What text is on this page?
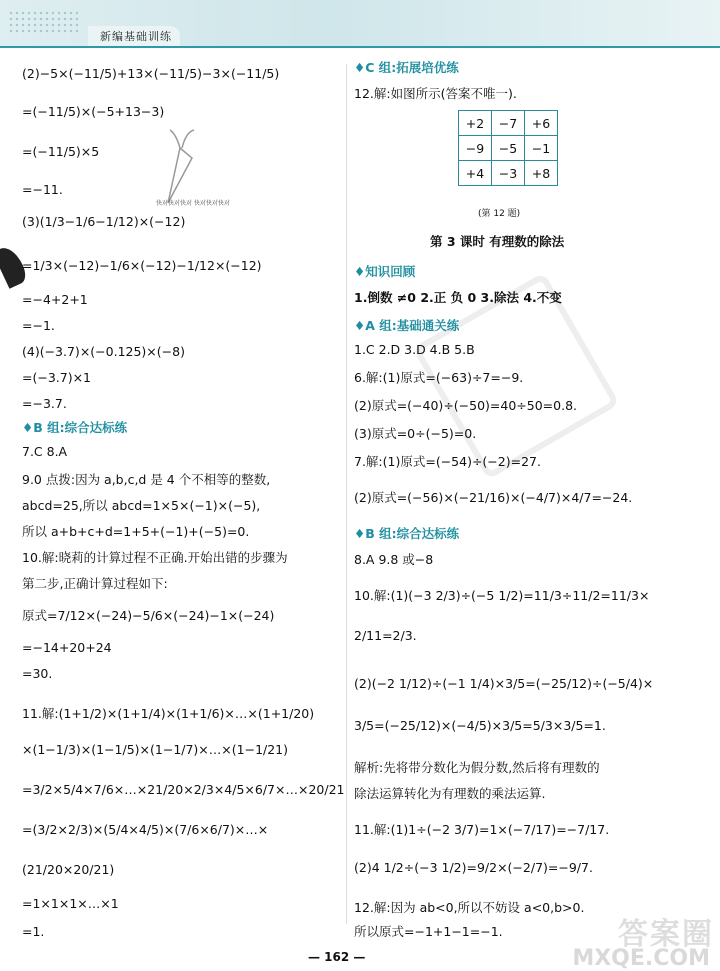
新编基础训练
快对快对快对 快对快对快对
(2)−5×(−11/5)+13×(−11/5)−3×(−11/5)
=(−11/5)×(−5+13−3)
=(−11/5)×5
=−11.
(3)(1/3−1/6−1/12)×(−12)
=1/3×(−12)−1/6×(−12)−1/12×(−12)
=−4+2+1
=−1.
(4)(−3.7)×(−0.125)×(−8)
=(−3.7)×1
=−3.7.
♦B 组:综合达标练
7.C 8.A
9.0 点拨:因为 a,b,c,d 是 4 个不相等的整数,
abcd=25,所以 abcd=1×5×(−1)×(−5),
所以 a+b+c+d=1+5+(−1)+(−5)=0.
10.解:晓莉的计算过程不正确.开始出错的步骤为
第二步,正确计算过程如下:
原式=7/12×(−24)−5/6×(−24)−1×(−24)
=−14+20+24
=30.
11.解:(1+1/2)×(1+1/4)×(1+1/6)×…×(1+1/20)
×(1−1/3)×(1−1/5)×(1−1/7)×…×(1−1/21)
=3/2×5/4×7/6×…×21/20×2/3×4/5×6/7×…×20/21
=(3/2×2/3)×(5/4×4/5)×(7/6×6/7)×…×
(21/20×20/21)
=1×1×1×…×1
=1.
♦C 组:拓展培优练
12.解:如图所示(答案不唯一).
+2	−7	+6
−9	−5	−1
+4	−3	+8
(第 12 题)
第 3 课时 有理数的除法
♦知识回顾
1.倒数 ≠0 2.正 负 0 3.除法 4.不变
♦A 组:基础通关练
1.C 2.D 3.D 4.B 5.B
6.解:(1)原式=(−63)÷7=−9.
(2)原式=(−40)÷(−50)=40÷50=0.8.
(3)原式=0÷(−5)=0.
7.解:(1)原式=(−54)÷(−2)=27.
(2)原式=(−56)×(−21/16)×(−4/7)×4/7=−24.
♦B 组:综合达标练
8.A 9.8 或−8
10.解:(1)(−3 2/3)÷(−5 1/2)=11/3÷11/2=11/3×
2/11=2/3.
(2)(−2 1/12)÷(−1 1/4)×3/5=(−25/12)÷(−5/4)×
3/5=(−25/12)×(−4/5)×3/5=5/3×3/5=1.
解析:先将带分数化为假分数,然后将有理数的
除法运算转化为有理数的乘法运算.
11.解:(1)1÷(−2 3/7)=1×(−7/17)=−7/17.
(2)4 1/2÷(−3 1/2)=9/2×(−2/7)=−9/7.
12.解:因为 ab<0,所以不妨设 a<0,b>0.
所以原式=−1+1−1=−1.	答案圈
MXQE.COM
— 162 —
